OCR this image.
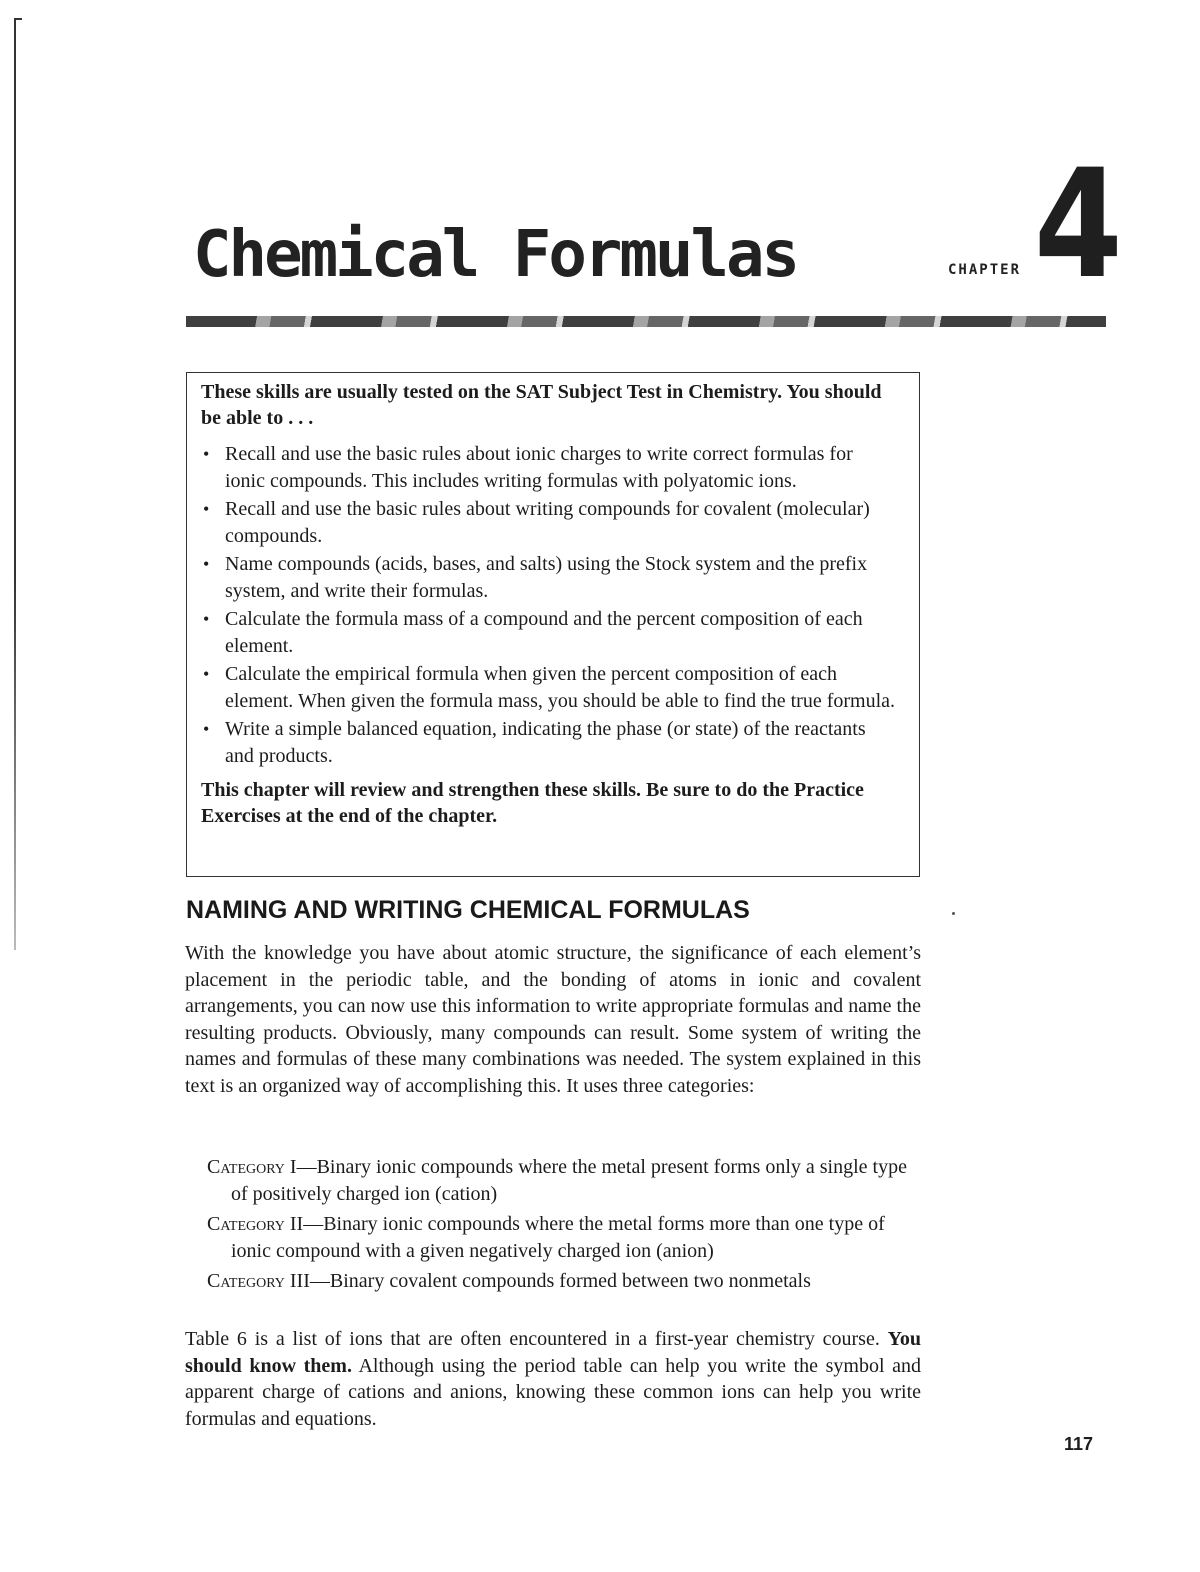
Chemical Formulas	CHAPTER 4

These skills are usually tested on the SAT Subject Test in Chemistry. You should be able to . . .

• Recall and use the basic rules about ionic charges to write correct formulas for ionic compounds. This includes writing formulas with polyatomic ions.
• Recall and use the basic rules about writing compounds for covalent (molecular) compounds.
• Name compounds (acids, bases, and salts) using the Stock system and the prefix system, and write their formulas.
• Calculate the formula mass of a compound and the percent composition of each element.
• Calculate the empirical formula when given the percent composition of each element. When given the formula mass, you should be able to find the true formula.
• Write a simple balanced equation, indicating the phase (or state) of the reactants and products.

This chapter will review and strengthen these skills. Be sure to do the Practice Exercises at the end of the chapter.

NAMING AND WRITING CHEMICAL FORMULAS

With the knowledge you have about atomic structure, the significance of each element’s placement in the periodic table, and the bonding of atoms in ionic and covalent arrangements, you can now use this information to write appropriate formulas and name the resulting products. Obviously, many compounds can result. Some system of writing the names and formulas of these many combinations was needed. The system explained in this text is an organized way of accomplishing this. It uses three categories:

Category I—Binary ionic compounds where the metal present forms only a single type of positively charged ion (cation)
Category II—Binary ionic compounds where the metal forms more than one type of ionic compound with a given negatively charged ion (anion)
Category III—Binary covalent compounds formed between two nonmetals

Table 6 is a list of ions that are often encountered in a first-year chemistry course. You should know them. Although using the period table can help you write the symbol and apparent charge of cations and anions, knowing these common ions can help you write formulas and equations.

117
